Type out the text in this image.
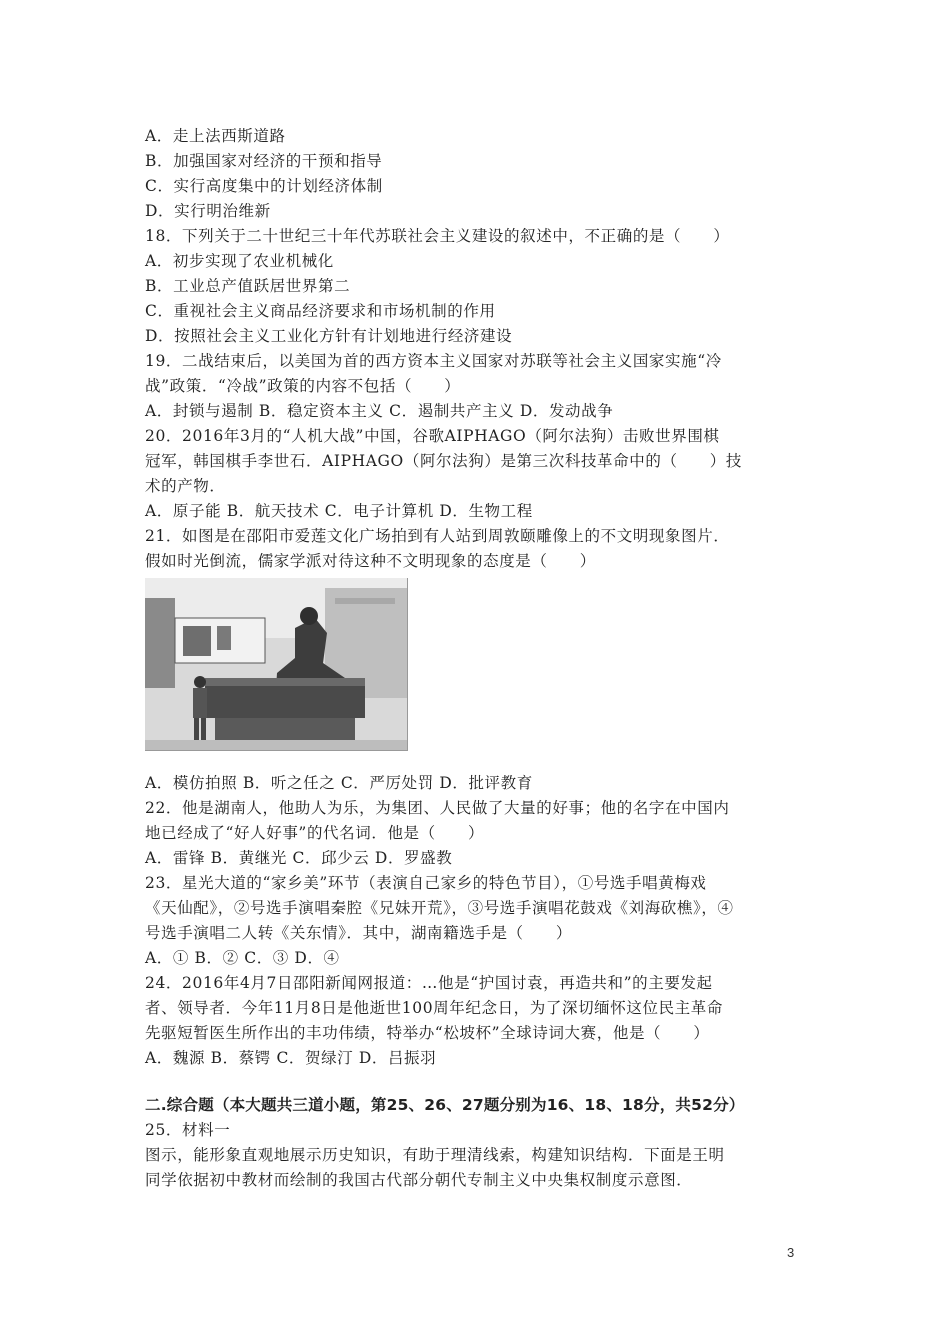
A．走上法西斯道路
B．加强国家对经济的干预和指导
C．实行高度集中的计划经济体制
D．实行明治维新
18．下列关于二十世纪三十年代苏联社会主义建设的叙述中，不正确的是（　　）
A．初步实现了农业机械化
B．工业总产值跃居世界第二
C．重视社会主义商品经济要求和市场机制的作用
D．按照社会主义工业化方针有计划地进行经济建设
19．二战结束后，以美国为首的西方资本主义国家对苏联等社会主义国家实施“冷
战”政策．“冷战”政策的内容不包括（　　）
A．封锁与遏制 B．稳定资本主义 C．遏制共产主义 D．发动战争
20．2016年3月的“人机大战”中国，谷歌AIPHAGO（阿尔法狗）击败世界围棋
冠军，韩国棋手李世石．AIPHAGO（阿尔法狗）是第三次科技革命中的（　　）技
术的产物．
A．原子能 B．航天技术 C．电子计算机 D．生物工程
21．如图是在邵阳市爱莲文化广场拍到有人站到周敦颐雕像上的不文明现象图片．
假如时光倒流，儒家学派对待这种不文明现象的态度是（　　）
A．模仿拍照 B．听之任之 C．严厉处罚 D．批评教育
22．他是湖南人，他助人为乐，为集团、人民做了大量的好事；他的名字在中国内
地已经成了“好人好事”的代名词．他是（　　）
A．雷锋 B．黄继光 C．邱少云 D．罗盛教
23．星光大道的“家乡美”环节（表演自己家乡的特色节目），①号选手唱黄梅戏
《天仙配》，②号选手演唱秦腔《兄妹开荒》，③号选手演唱花鼓戏《刘海砍樵》，④
号选手演唱二人转《关东情》．其中，湖南籍选手是（　　）
A．① B．② C．③ D．④
24．2016年4月7日邵阳新闻网报道：…他是“护国讨袁，再造共和”的主要发起
者、领导者．今年11月8日是他逝世100周年纪念日，为了深切缅怀这位民主革命
先驱短暂医生所作出的丰功伟绩，特举办“松坡杯”全球诗词大赛，他是（　　）
A．魏源 B．蔡锷 C．贺绿汀 D．吕振羽
二.综合题（本大题共三道小题，第25、26、27题分别为16、18、18分，共52分）
25．材料一
图示，能形象直观地展示历史知识，有助于理清线索，构建知识结构．下面是王明
同学依据初中教材而绘制的我国古代部分朝代专制主义中央集权制度示意图．
3
